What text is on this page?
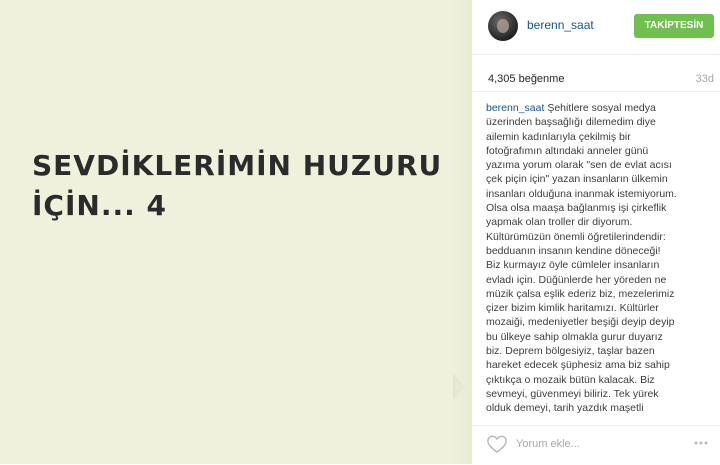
SEVDİKLERİMİN HUZURU
İÇİN... 4
berenn_saat	TAKİPTESİN
4,305 beğenme	33d
berenn_saat Şehitlere sosyal medya
üzerinden başsağlığı dilemedim diye
ailemin kadınlarıyla çekilmiş bir
fotoğrafımın altındaki anneler günü
yazıma yorum olarak "sen de evlat acısı
çek piçin için" yazan insanların ülkemin
insanları olduğuna inanmak istemiyorum.
Olsa olsa maaşa bağlanmış işi çirkeflik
yapmak olan troller dir diyorum.
Kültürümüzün önemli öğretilerindendir:
bedduanın insanın kendine döneceği!
Biz kurmayız öyle cümleler insanların
evladı için. Düğünlerde her yöreden ne
müzik çalsa eşlik ederiz biz, mezelerimiz
çizer bizim kimlik haritamızı. Kültürler
mozaiği, medeniyetler beşiği deyip deyip
bu ülkeye sahip olmakla gurur duyarız
biz. Deprem bölgesiyiz, taşlar bazen
hareket edecek şüphesiz ama biz sahip
çıktıkça o mozaik bütün kalacak. Biz
sevmeyi, güvenmeyi biliriz. Tek yürek
olduk demeyi, tarih yazdık maşetli
Yorum ekle...
